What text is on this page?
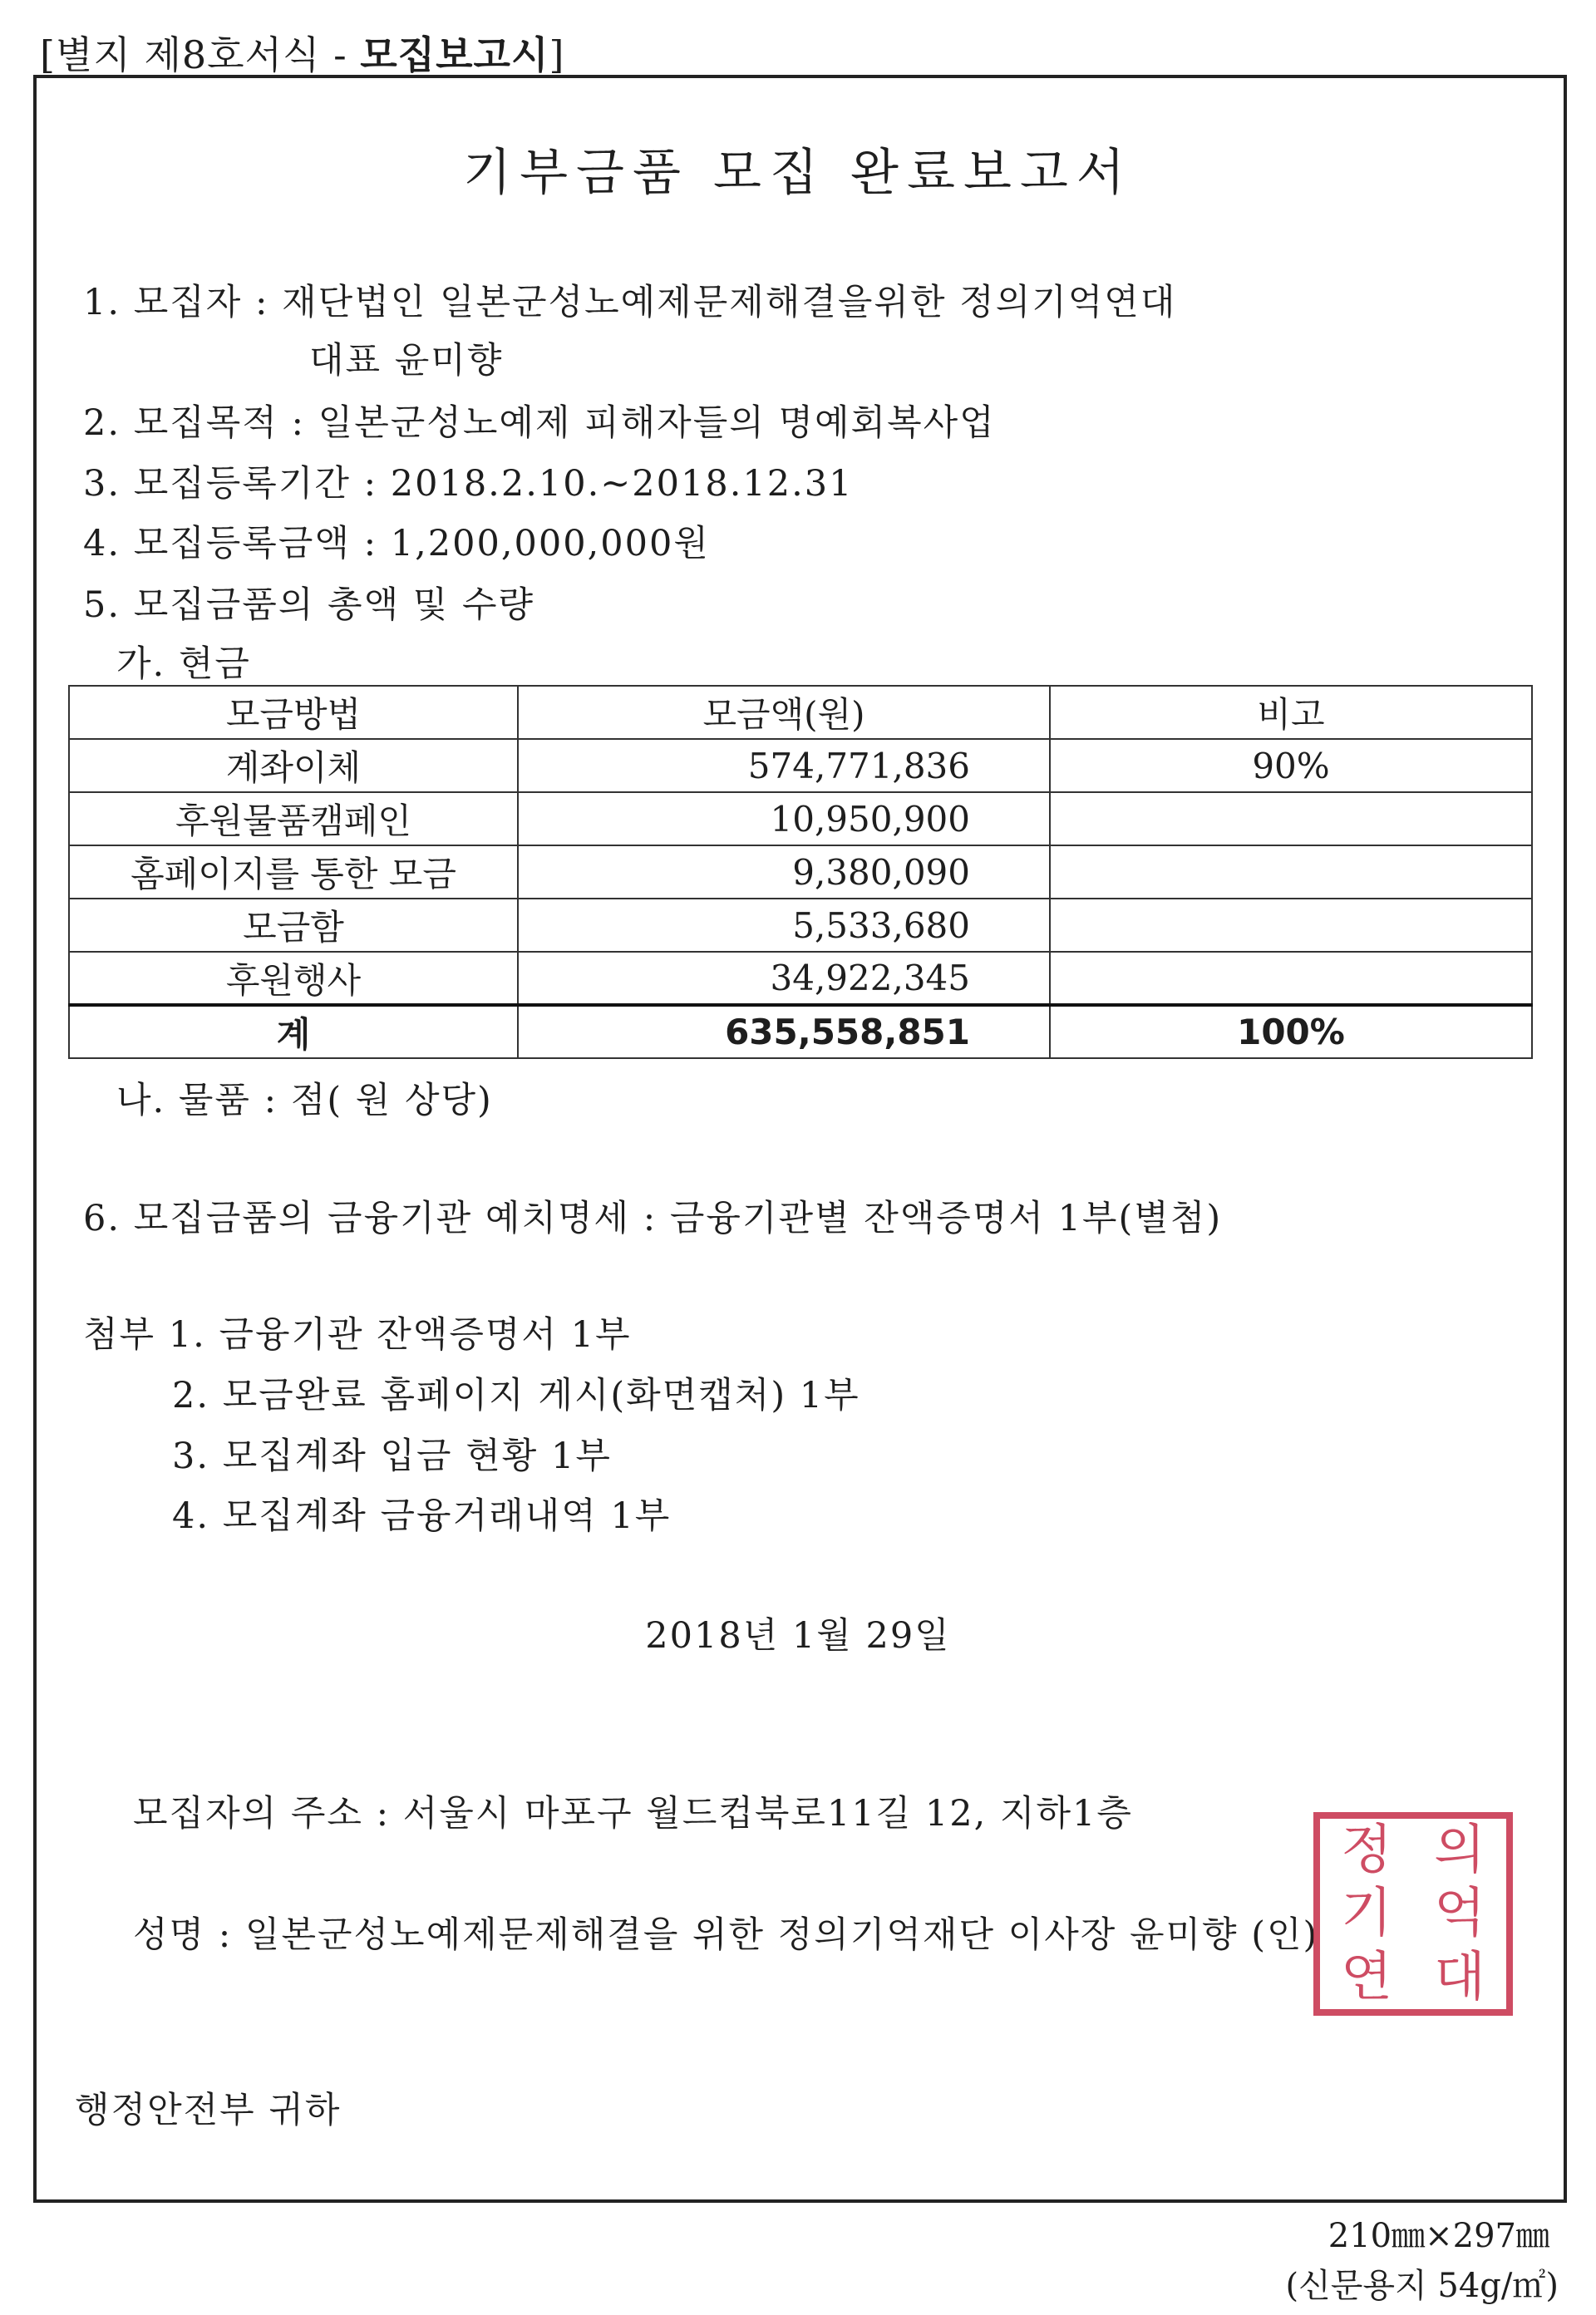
[별지 제8호서식 - 모집보고시]
기부금품 모집 완료보고서
1. 모집자 : 재단법인 일본군성노예제문제해결을위한 정의기억연대
대표 윤미향
2. 모집목적 : 일본군성노예제 피해자들의 명예회복사업
3. 모집등록기간 : 2018.2.10.~2018.12.31
4. 모집등록금액 : 1,200,000,000원
5. 모집금품의 총액 및 수량
가. 현금
모금방법	모금액(원)	비고
계좌이체	574,771,836	90%
후원물품캠페인	10,950,900	
홈페이지를 통한 모금	9,380,090	
모금함	5,533,680	
후원행사	34,922,345	
계	635,558,851	100%
나. 물품 : 점( 원 상당)
6. 모집금품의 금융기관 예치명세 : 금융기관별 잔액증명서 1부(별첨)
첨부 1. 금융기관 잔액증명서 1부
2. 모금완료 홈페이지 게시(화면캡처) 1부
3. 모집계좌 입금 현황 1부
4. 모집계좌 금융거래내역 1부
2018년 1월 29일
모집자의 주소 : 서울시 마포구 월드컵북로11길 12, 지하1층
성명 : 일본군성노예제문제해결을 위한 정의기억재단 이사장 윤미향 (인)
정 의
기 억
연 대
행정안전부 귀하
210㎜×297㎜
(신문용지 54g/㎡)
